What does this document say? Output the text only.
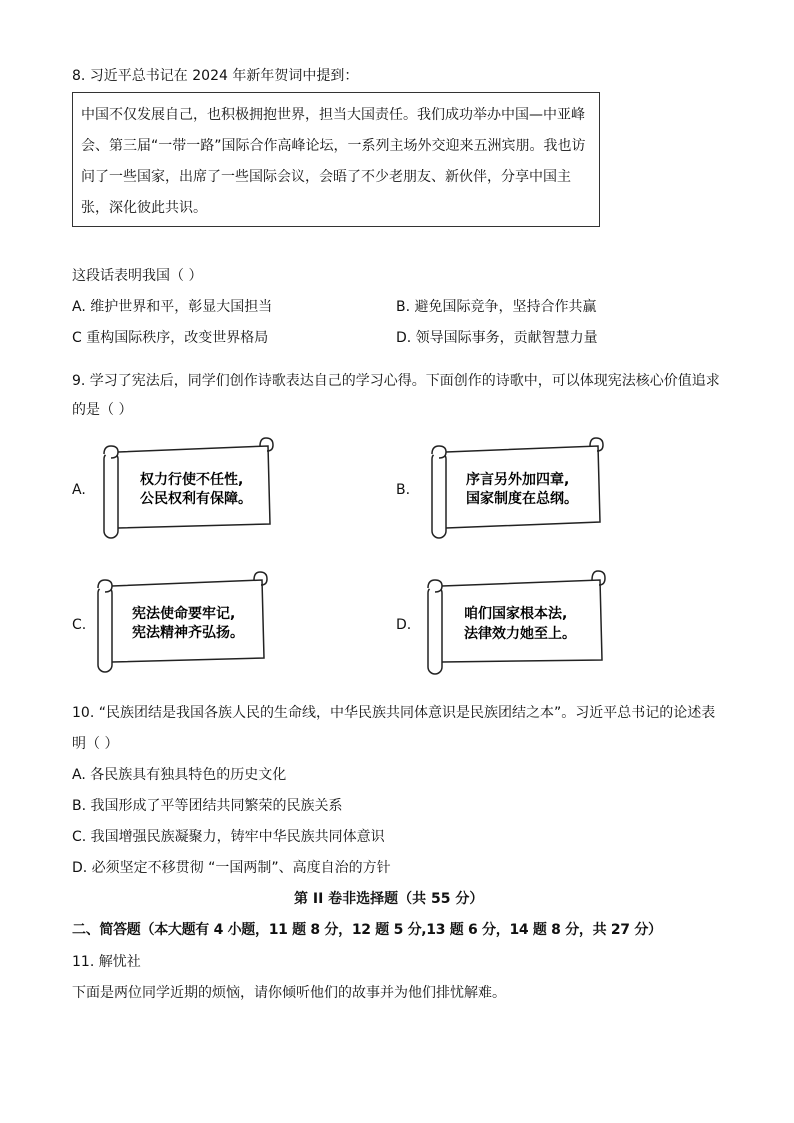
8. 习近平总书记在 2024 年新年贺词中提到：
中国不仅发展自己，也积极拥抱世界，担当大国责任。我们成功举办中国—中亚峰
会、第三届“一带一路”国际合作高峰论坛，一系列主场外交迎来五洲宾朋。我也访
问了一些国家，出席了一些国际会议，会晤了不少老朋友、新伙伴，分享中国主
张，深化彼此共识。
这段话表明我国（ ）
A. 维护世界和平，彰显大国担当	B. 避免国际竞争，坚持合作共赢
C 重构国际秩序，改变世界格局	D. 领导国际事务，贡献智慧力量
9. 学习了宪法后，同学们创作诗歌表达自己的学习心得。下面创作的诗歌中，可以体现宪法核心价值追求
的是（ ）
A.
权力行使不任性,
公民权利有保障。
B.
序言另外加四章,
国家制度在总纲。
C.
宪法使命要牢记,
宪法精神齐弘扬。	D.
咱们国家根本法,
法律效力她至上。
10. “民族团结是我国各族人民的生命线，中华民族共同体意识是民族团结之本”。习近平总书记的论述表
明（ ）
A. 各民族具有独具特色的历史文化
B. 我国形成了平等团结共同繁荣的民族关系
C. 我国增强民族凝聚力，铸牢中华民族共同体意识
D. 必须坚定不移贯彻 “一国两制”、高度自治的方针
第 II 卷非选择题（共 55 分）
二、简答题（本大题有 4 小题，11 题 8 分，12 题 5 分,13 题 6 分，14 题 8 分，共 27 分）
11. 解忧社
下面是两位同学近期的烦恼，请你倾听他们的故事并为他们排忧解难。
